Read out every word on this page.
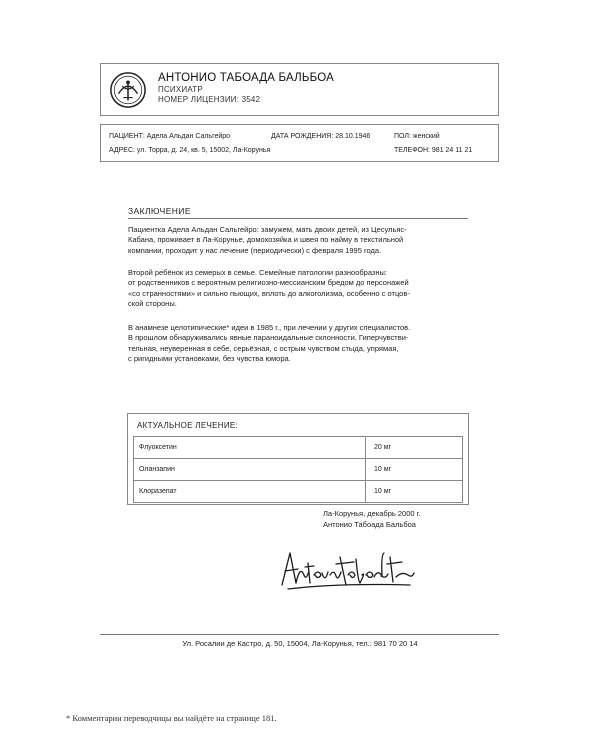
АНТОНИО ТАБОАДА БАЛЬБОА
ПСИХИАТР
НОМЕР ЛИЦЕНЗИИ: 3542
ПАЦИЕНТ: Адела Альдан Сальгейро	ДАТА РОЖДЕНИЯ: 28.10.1946	ПОЛ: женский
АДРЕС: ул. Торра, д. 24, кв. 5, 15002, Ла-Корунья	ТЕЛЕФОН: 981 24 11 21
ЗАКЛЮЧЕНИЕ

Пациентка Адела Альдан Сальгейро: замужем, мать двоих детей, из Цесульяс-
Кабана, проживает в Ла-Корунье, домохозяйка и швея по найму в текстильной
компании, проходит у нас лечение (периодически) с февраля 1995 года.

Второй ребёнок из семерых в семье. Семейные патологии разнообразны:
от родственников с вероятным религиозно-мессианским бредом до персонажей
«со странностями» и сильно пьющих, вплоть до алкоголизма, особенно с отцов-
ской стороны.

В анамнезе целотипические* идеи в 1985 г., при лечении у других специалистов.
В прошлом обнаруживались явные параноидальные склонности. Гиперчувстви-
тельная, неуверенная в себе, серьёзная, с острым чувством стыда, упрямая,
с ригидными установками, без чувства юмора.

АКТУАЛЬНОЕ ЛЕЧЕНИЕ:
Флуоксетин	20 мг
Оланзапин	10 мг
Клоразепат	10 мг
Ла-Корунья, декабрь 2000 г.
Антонио Табоада Бальбоа
Ул. Росалии де Кастро, д. 50, 15004, Ла-Корунья, тел.: 981 70 20 14
* Комментарии переводчицы вы найдёте на странице 181.
